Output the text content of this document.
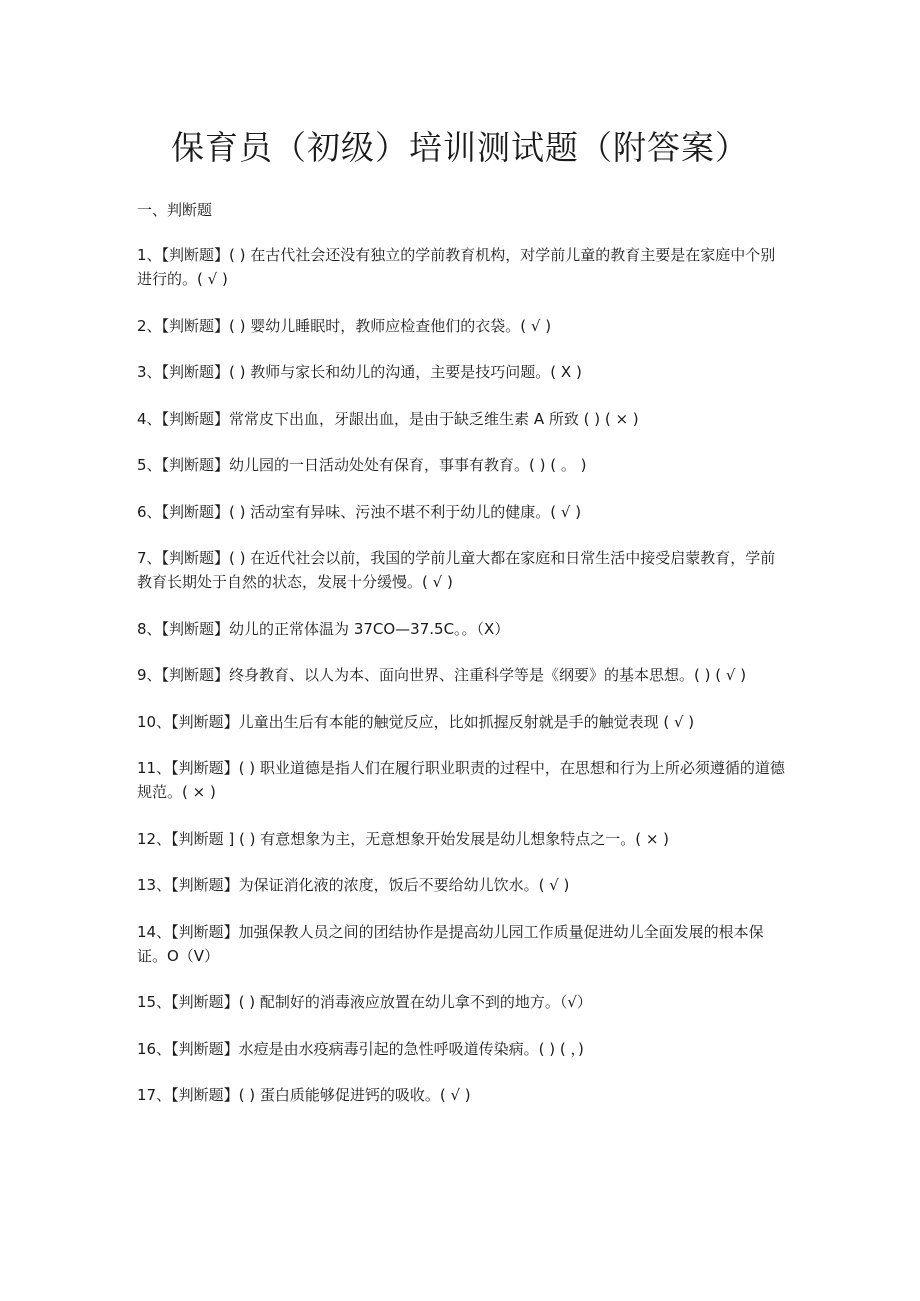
保育员（初级）培训测试题（附答案）

一、判断题

1、【判断题】( ) 在古代社会还没有独立的学前教育机构，对学前儿童的教育主要是在家庭中个别进行的。( √ )
2、【判断题】( ) 婴幼儿睡眠时，教师应检查他们的衣袋。( √ )
3、【判断题】( ) 教师与家长和幼儿的沟通，主要是技巧问题。( X )
4、【判断题】常常皮下出血，牙龈出血，是由于缺乏维生素 A 所致 ( ) ( × )
5、【判断题】幼儿园的一日活动处处有保育，事事有教育。( ) ( 。 )
6、【判断题】( ) 活动室有异味、污浊不堪不利于幼儿的健康。( √ )
7、【判断题】( ) 在近代社会以前，我国的学前儿童大都在家庭和日常生活中接受启蒙教育，学前教育长期处于自然的状态，发展十分缓慢。( √ )
8、【判断题】幼儿的正常体温为 37CO—37.5C。。（X）
9、【判断题】终身教育、以人为本、面向世界、注重科学等是《纲要》的基本思想。( ) ( √ )
10、【判断题】儿童出生后有本能的触觉反应，比如抓握反射就是手的触觉表现 ( √ )
11、【判断题】( ) 职业道德是指人们在履行职业职责的过程中，在思想和行为上所必须遵循的道德规范。( × )
12、【判断题 ] ( ) 有意想象为主，无意想象开始发展是幼儿想象特点之一。( × )
13、【判断题】为保证消化液的浓度，饭后不要给幼儿饮水。( √ )
14、【判断题】加强保教人员之间的团结协作是提高幼儿园工作质量促进幼儿全面发展的根本保证。O（V）
15、【判断题】( ) 配制好的消毒液应放置在幼儿拿不到的地方。（√）
16、【判断题】水痘是由水疫病毒引起的急性呼吸道传染病。( ) ( ，)
17、【判断题】( ) 蛋白质能够促进钙的吸收。( √ )
